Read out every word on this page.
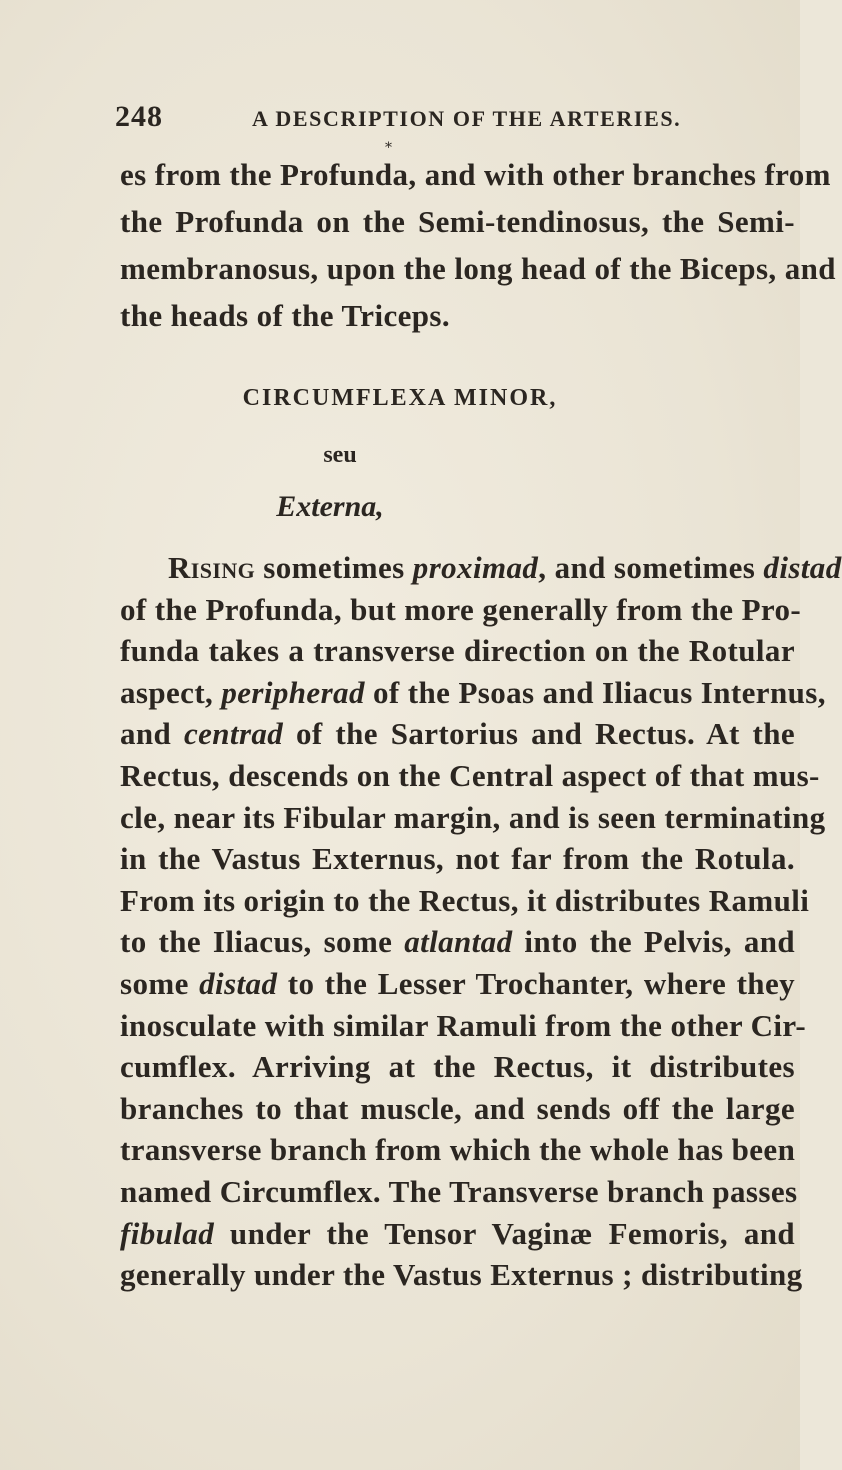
248	A DESCRIPTION OF THE ARTERIES.
*
es from the Profunda, and with other branches from
the Profunda on the Semi-tendinosus, the Semi-
membranosus, upon the long head of the Biceps, and
the heads of the Triceps.
CIRCUMFLEXA MINOR,
seu
Externa,
Rising sometimes proximad, and sometimes distad
of the Profunda, but more generally from the Pro-
funda takes a transverse direction on the Rotular
aspect, peripherad of the Psoas and Iliacus Internus,
and centrad of the Sartorius and Rectus. At the
Rectus, descends on the Central aspect of that mus-
cle, near its Fibular margin, and is seen terminating
in the Vastus Externus, not far from the Rotula.
From its origin to the Rectus, it distributes Ramuli
to the Iliacus, some atlantad into the Pelvis, and
some distad to the Lesser Trochanter, where they
inosculate with similar Ramuli from the other Cir-
cumflex. Arriving at the Rectus, it distributes
branches to that muscle, and sends off the large
transverse branch from which the whole has been
named Circumflex. The Transverse branch passes
fibulad under the Tensor Vaginæ Femoris, and
generally under the Vastus Externus ; distributing
